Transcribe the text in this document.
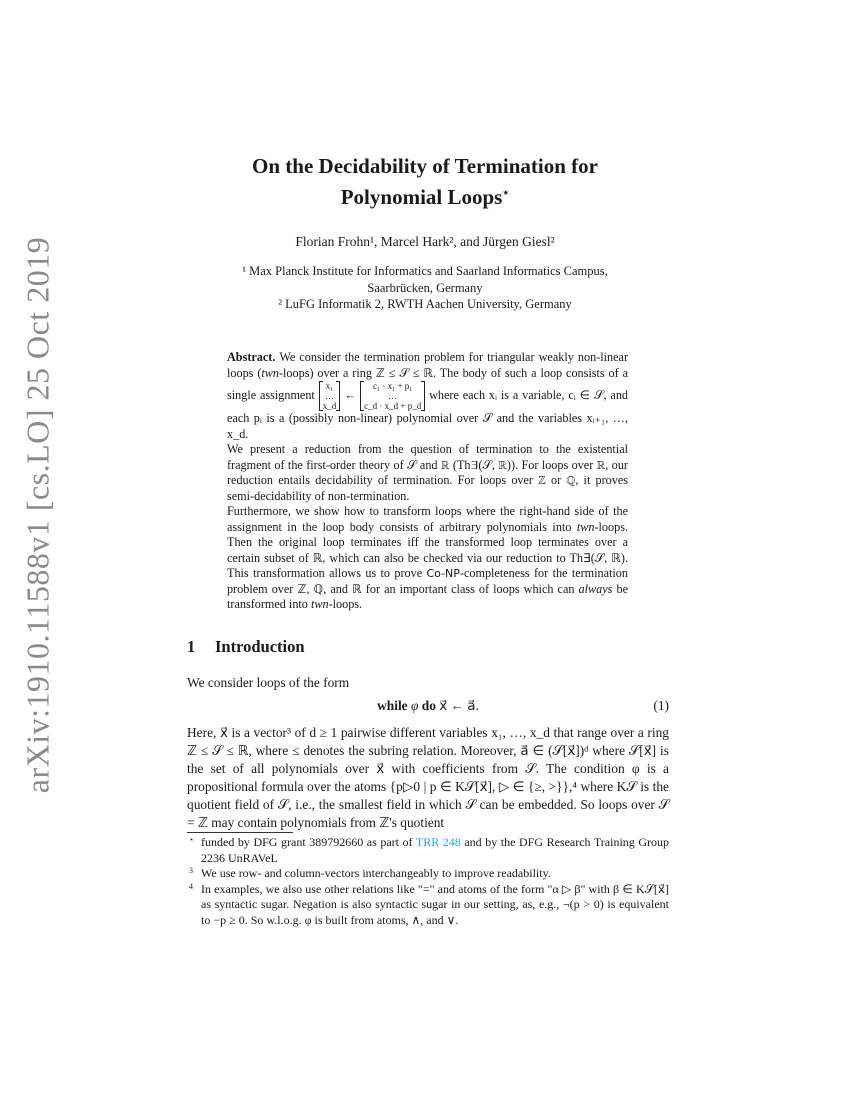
arXiv:1910.11588v1 [cs.LO] 25 Oct 2019
On the Decidability of Termination for
Polynomial Loops⋆
Florian Frohn¹, Marcel Hark², and Jürgen Giesl²
¹ Max Planck Institute for Informatics and Saarland Informatics Campus,
Saarbrücken, Germany
² LuFG Informatik 2, RWTH Aachen University, Germany

Abstract. We consider the termination problem for triangular weakly non-linear loops (twn-loops) over a ring ℤ ≤ 𝒮 ≤ ℝ. The body of such a loop consists of a single assignment
x₁
…
x_d
←
c₁ · x₁ + p₁
…
c_d · x_d + p_d
where each xᵢ is a variable, cᵢ ∈ 𝒮, and each pᵢ is a (possibly non-linear) polynomial over 𝒮 and the variables xᵢ₊₁, …, x_d.

We present a reduction from the question of termination to the existential fragment of the first-order theory of 𝒮 and ℝ (Th∃(𝒮, ℝ)). For loops over ℝ, our reduction entails decidability of termination. For loops over ℤ or ℚ, it proves semi-decidability of non-termination.

Furthermore, we show how to transform loops where the right-hand side of the assignment in the loop body consists of arbitrary polynomials into twn-loops. Then the original loop terminates iff the transformed loop terminates over a certain subset of ℝ, which can also be checked via our reduction to Th∃(𝒮, ℝ). This transformation allows us to prove Co-NP-completeness for the termination problem over ℤ, ℚ, and ℝ for an important class of loops which can always be transformed into twn-loops.

1 Introduction
We consider loops of the form
while φ do x⃗ ← a⃗.	(1)
Here, x⃗ is a vector³ of d ≥ 1 pairwise different variables x₁, …, x_d that range over a ring ℤ ≤ 𝒮 ≤ ℝ, where ≤ denotes the subring relation. Moreover, a⃗ ∈ (𝒮[x⃗])ᵈ where 𝒮[x⃗] is the set of all polynomials over x⃗ with coefficients from 𝒮. The condition φ is a propositional formula over the atoms {p▷0 | p ∈ K𝒮[x⃗], ▷ ∈ {≥, >}},⁴ where K𝒮 is the quotient field of 𝒮, i.e., the smallest field in which 𝒮 can be embedded. So loops over 𝒮 = ℤ may contain polynomials from ℤ's quotient
⋆ funded by DFG grant 389792660 as part of TRR 248 and by the DFG Research Training Group 2236 UnRAVeL
3 We use row- and column-vectors interchangeably to improve readability.
4 In examples, we also use other relations like "=" and atoms of the form "α ▷ β" with β ∈ K𝒮[x⃗] as syntactic sugar. Negation is also syntactic sugar in our setting, as, e.g., ¬(p > 0) is equivalent to −p ≥ 0. So w.l.o.g. φ is built from atoms, ∧, and ∨.
